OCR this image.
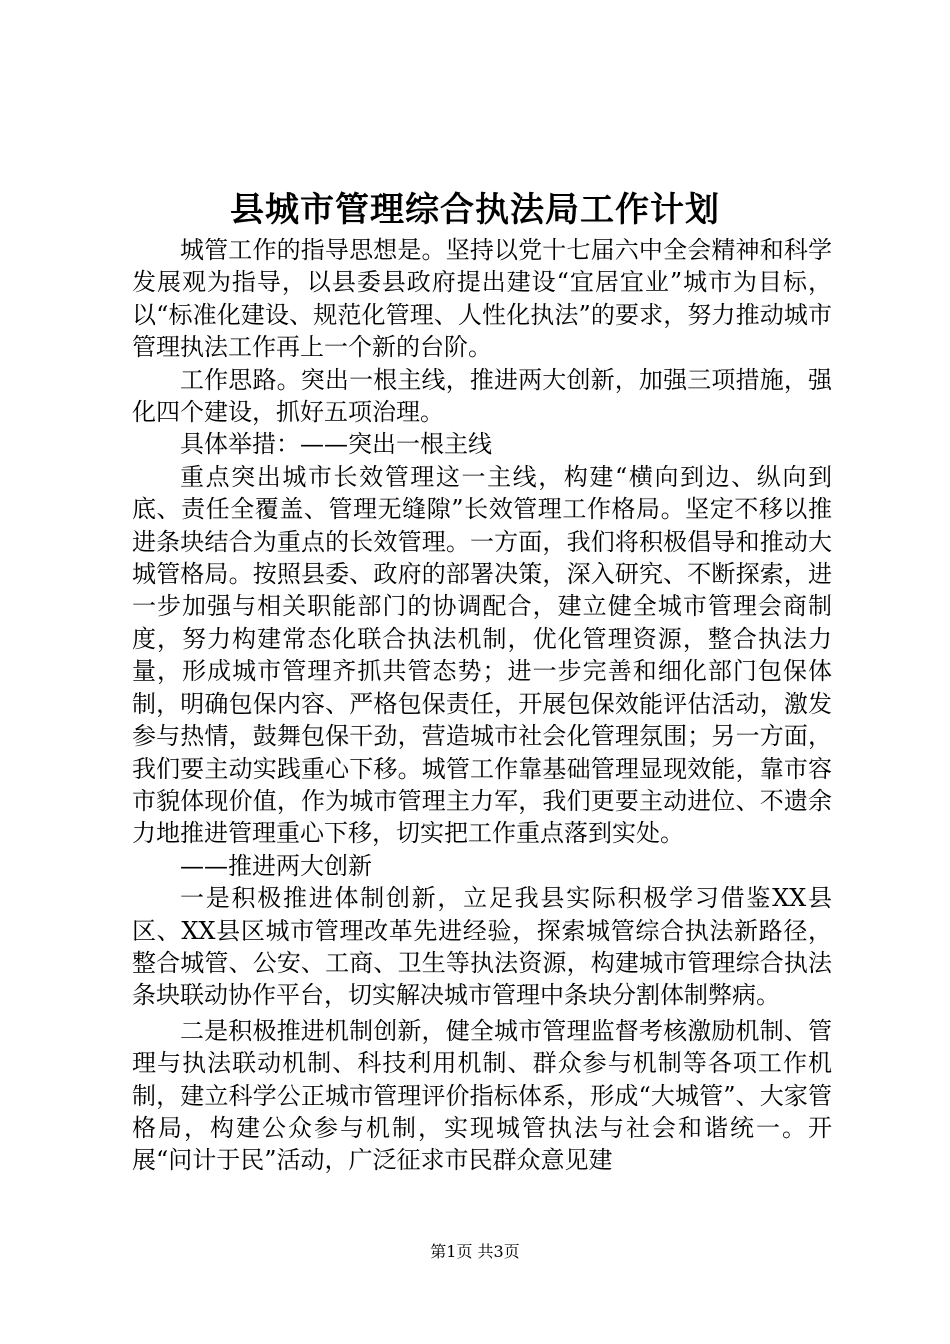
县城市管理综合执法局工作计划

城管工作的指导思想是。坚持以党十七届六中全会精神和科学发展观为指导，以县委县政府提出建设“宜居宜业”城市为目标，以“标准化建设、规范化管理、人性化执法”的要求，努力推动城市管理执法工作再上一个新的台阶。

工作思路。突出一根主线，推进两大创新，加强三项措施，强化四个建设，抓好五项治理。

具体举措：——突出一根主线

重点突出城市长效管理这一主线，构建“横向到边、纵向到底、责任全覆盖、管理无缝隙”长效管理工作格局。坚定不移以推进条块结合为重点的长效管理。一方面，我们将积极倡导和推动大城管格局。按照县委、政府的部署决策，深入研究、不断探索，进一步加强与相关职能部门的协调配合，建立健全城市管理会商制度，努力构建常态化联合执法机制，优化管理资源，整合执法力量，形成城市管理齐抓共管态势；进一步完善和细化部门包保体制，明确包保内容、严格包保责任，开展包保效能评估活动，激发参与热情，鼓舞包保干劲，营造城市社会化管理氛围；另一方面，我们要主动实践重心下移。城管工作靠基础管理显现效能，靠市容市貌体现价值，作为城市管理主力军，我们更要主动进位、不遗余力地推进管理重心下移，切实把工作重点落到实处。

——推进两大创新

一是积极推进体制创新，立足我县实际积极学习借鉴XX县区、XX县区城市管理改革先进经验，探索城管综合执法新路径，整合城管、公安、工商、卫生等执法资源，构建城市管理综合执法条块联动协作平台，切实解决城市管理中条块分割体制弊病。

二是积极推进机制创新，健全城市管理监督考核激励机制、管理与执法联动机制、科技利用机制、群众参与机制等各项工作机制，建立科学公正城市管理评价指标体系，形成“大城管”、大家管格局，构建公众参与机制，实现城管执法与社会和谐统一。开展“问计于民”活动，广泛征求市民群众意见建

第1页 共3页
